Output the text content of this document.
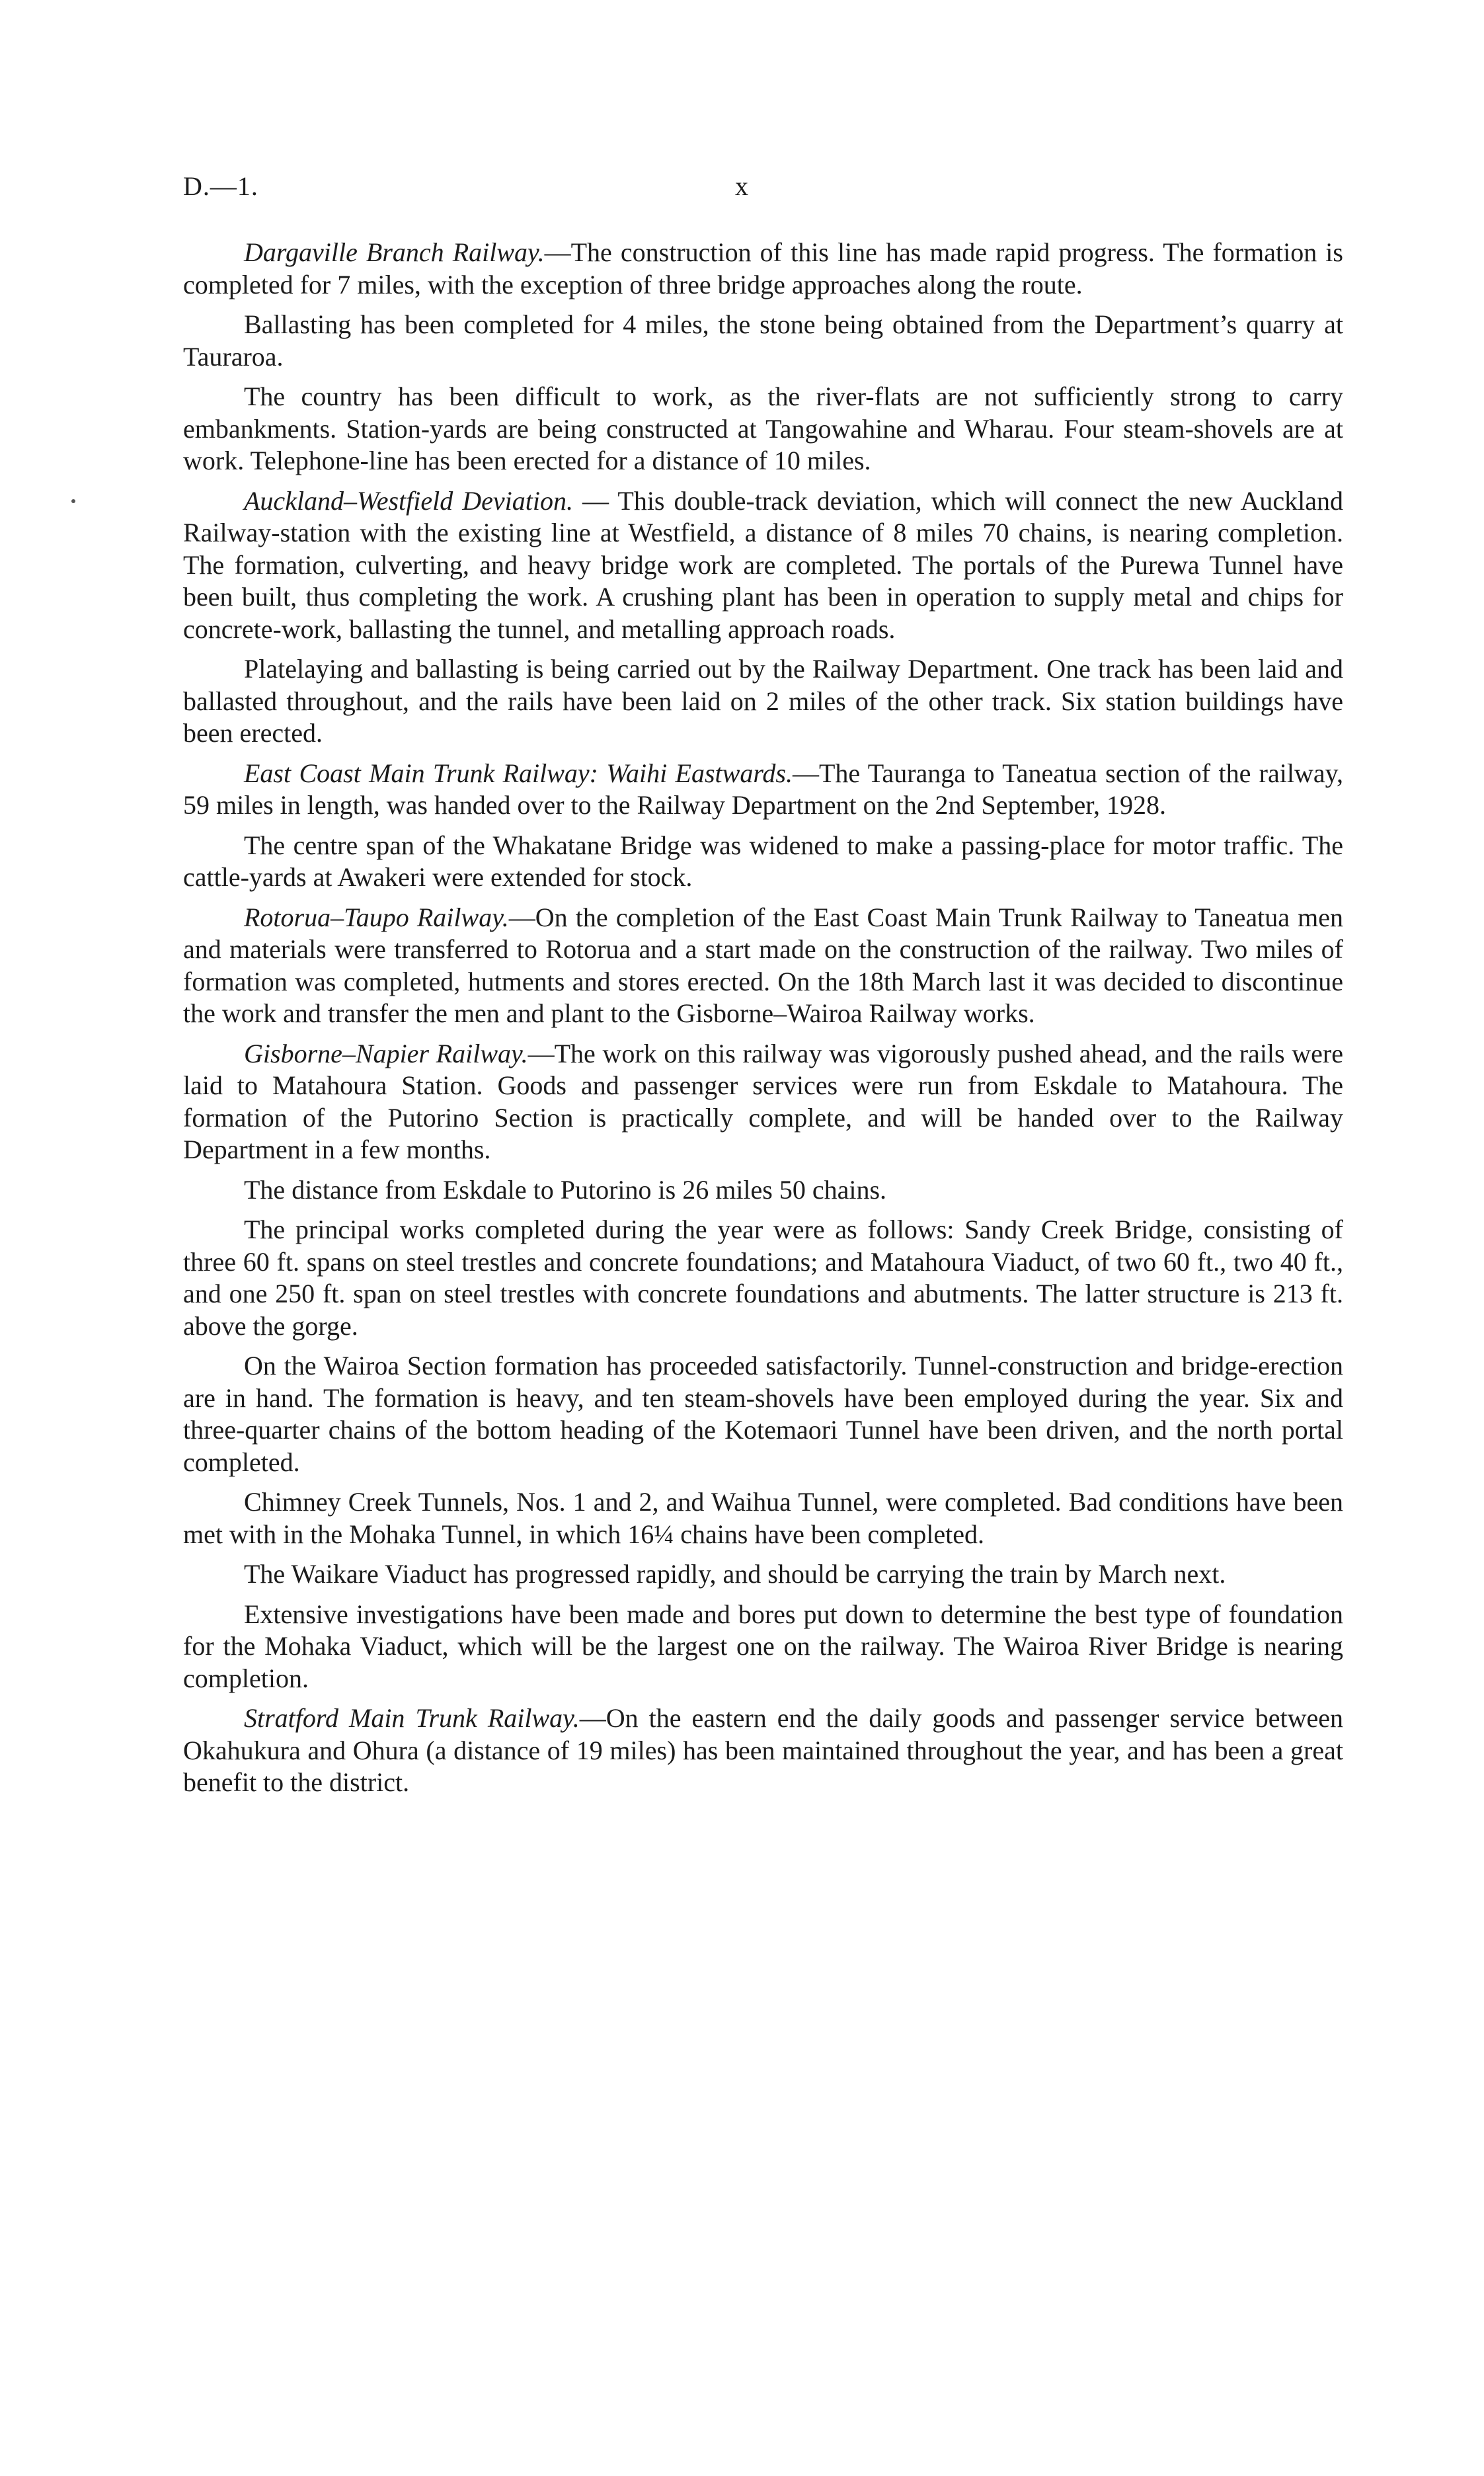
D.—1.	x

Dargaville Branch Railway.—The construction of this line has made rapid progress. The formation is completed for 7 miles, with the exception of three bridge approaches along the route.

Ballasting has been completed for 4 miles, the stone being obtained from the Department’s quarry at Tauraroa.

The country has been difficult to work, as the river-flats are not sufficiently strong to carry embankments. Station-yards are being constructed at Tangowahine and Wharau. Four steam-shovels are at work. Telephone-line has been erected for a distance of 10 miles.

Auckland–Westfield Deviation. — This double-track deviation, which will connect the new Auckland Railway-station with the existing line at Westfield, a distance of 8 miles 70 chains, is nearing completion. The formation, culverting, and heavy bridge work are completed. The portals of the Purewa Tunnel have been built, thus completing the work. A crushing plant has been in operation to supply metal and chips for concrete-work, ballasting the tunnel, and metalling approach roads.

Platelaying and ballasting is being carried out by the Railway Department. One track has been laid and ballasted throughout, and the rails have been laid on 2 miles of the other track. Six station buildings have been erected.

East Coast Main Trunk Railway: Waihi Eastwards.—The Tauranga to Taneatua section of the railway, 59 miles in length, was handed over to the Railway Department on the 2nd September, 1928.

The centre span of the Whakatane Bridge was widened to make a passing-place for motor traffic. The cattle-yards at Awakeri were extended for stock.

Rotorua–Taupo Railway.—On the completion of the East Coast Main Trunk Railway to Taneatua men and materials were transferred to Rotorua and a start made on the construction of the railway. Two miles of formation was completed, hutments and stores erected. On the 18th March last it was decided to discontinue the work and transfer the men and plant to the Gisborne–Wairoa Railway works.

Gisborne–Napier Railway.—The work on this railway was vigorously pushed ahead, and the rails were laid to Matahoura Station. Goods and passenger services were run from Eskdale to Matahoura. The formation of the Putorino Section is practically complete, and will be handed over to the Railway Department in a few months.

The distance from Eskdale to Putorino is 26 miles 50 chains.

The principal works completed during the year were as follows: Sandy Creek Bridge, consisting of three 60 ft. spans on steel trestles and concrete foundations; and Matahoura Viaduct, of two 60 ft., two 40 ft., and one 250 ft. span on steel trestles with concrete foundations and abutments. The latter structure is 213 ft. above the gorge.

On the Wairoa Section formation has proceeded satisfactorily. Tunnel-construction and bridge-erection are in hand. The formation is heavy, and ten steam-shovels have been employed during the year. Six and three-quarter chains of the bottom heading of the Kotemaori Tunnel have been driven, and the north portal completed.

Chimney Creek Tunnels, Nos. 1 and 2, and Waihua Tunnel, were completed. Bad conditions have been met with in the Mohaka Tunnel, in which 16¼ chains have been completed.

The Waikare Viaduct has progressed rapidly, and should be carrying the train by March next.

Extensive investigations have been made and bores put down to determine the best type of foundation for the Mohaka Viaduct, which will be the largest one on the railway. The Wairoa River Bridge is nearing completion.

Stratford Main Trunk Railway.—On the eastern end the daily goods and passenger service between Okahukura and Ohura (a distance of 19 miles) has been maintained throughout the year, and has been a great benefit to the district.
